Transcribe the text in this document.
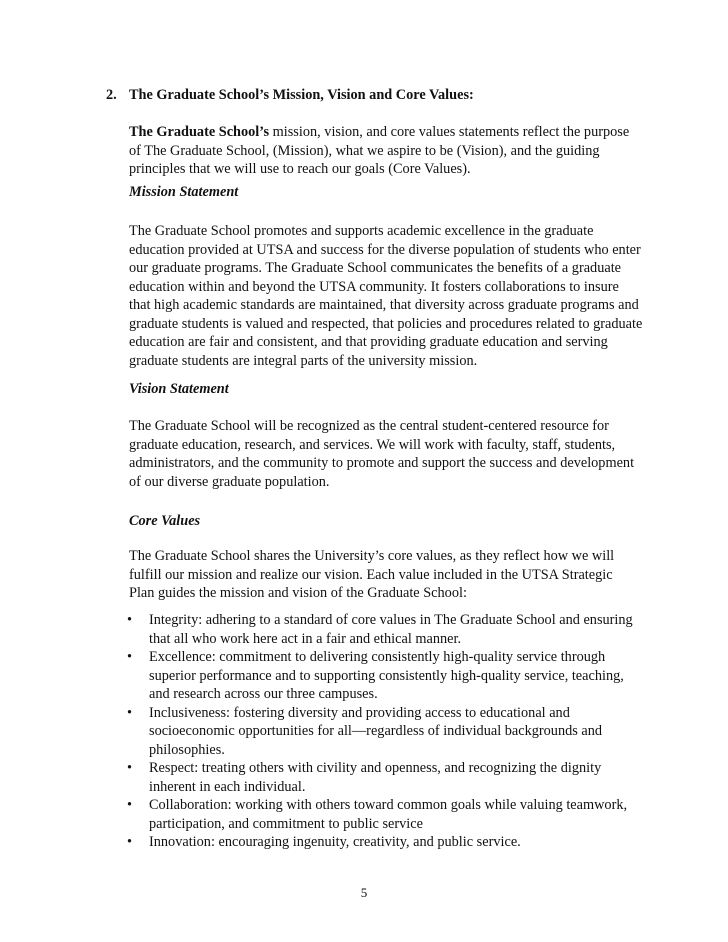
2. The Graduate School’s Mission, Vision and Core Values:

The Graduate School’s mission, vision, and core values statements reflect the purpose

of The Graduate School, (Mission), what we aspire to be (Vision), and the guiding

principles that we will use to reach our goals (Core Values).

Mission Statement

The Graduate School promotes and supports academic excellence in the graduate

education provided at UTSA and success for the diverse population of students who enter

our graduate programs. The Graduate School communicates the benefits of a graduate

education within and beyond the UTSA community. It fosters collaborations to insure

that high academic standards are maintained, that diversity across graduate programs and

graduate students is valued and respected, that policies and procedures related to graduate

education are fair and consistent, and that providing graduate education and serving

graduate students are integral parts of the university mission.

Vision Statement

The Graduate School will be recognized as the central student-centered resource for

graduate education, research, and services. We will work with faculty, staff, students,

administrators, and the community to promote and support the success and development

of our diverse graduate population.

Core Values

The Graduate School shares the University’s core values, as they reflect how we will

fulfill our mission and realize our vision. Each value included in the UTSA Strategic

Plan guides the mission and vision of the Graduate School:

• Integrity: adhering to a standard of core values in The Graduate School and ensuring
that all who work here act in a fair and ethical manner.
• Excellence: commitment to delivering consistently high-quality service through
superior performance and to supporting consistently high-quality service, teaching,
and research across our three campuses.
• Inclusiveness: fostering diversity and providing access to educational and
socioeconomic opportunities for all—regardless of individual backgrounds and
philosophies.
• Respect: treating others with civility and openness, and recognizing the dignity
inherent in each individual.
• Collaboration: working with others toward common goals while valuing teamwork,
participation, and commitment to public service
• Innovation: encouraging ingenuity, creativity, and public service.
5
